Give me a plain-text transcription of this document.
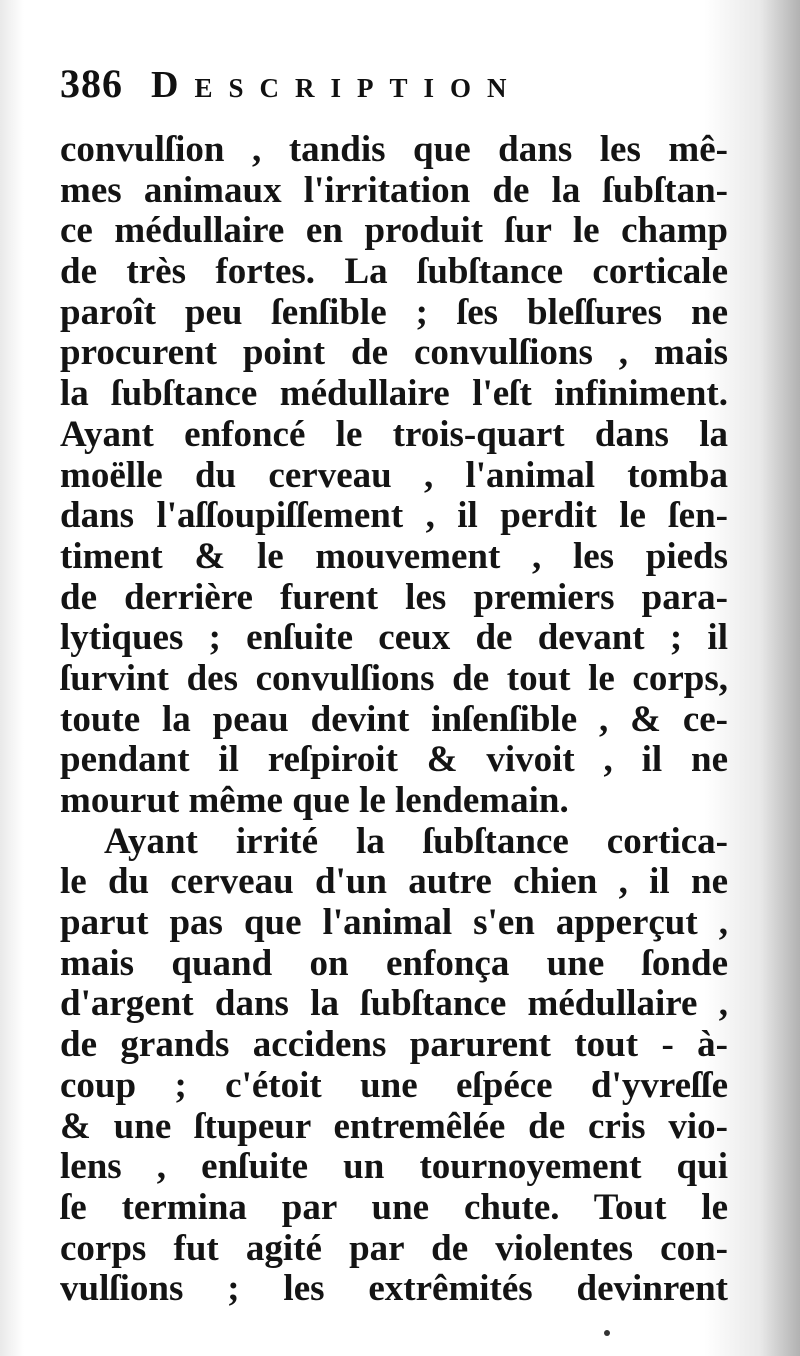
386 Description
convulſion , tandis que dans les mê-
mes animaux l'irritation de la ſubſtan-
ce médullaire en produit ſur le champ
de très fortes. La ſubſtance corticale
paroît peu ſenſible ; ſes bleſſures ne
procurent point de convulſions , mais
la ſubſtance médullaire l'eſt infiniment.
Ayant enfoncé le trois-quart dans la
moëlle du cerveau , l'animal tomba
dans l'aſſoupiſſement , il perdit le ſen-
timent & le mouvement , les pieds
de derrière furent les premiers para-
lytiques ; enſuite ceux de devant ; il
ſurvint des convulſions de tout le corps,
toute la peau devint inſenſible , & ce-
pendant il reſpiroit & vivoit , il ne
mourut même que le lendemain.
Ayant irrité la ſubſtance cortica-
le du cerveau d'un autre chien , il ne
parut pas que l'animal s'en apperçut ,
mais quand on enfonça une ſonde
d'argent dans la ſubſtance médullaire ,
de grands accidens parurent tout - à-
coup ; c'étoit une eſpéce d'yvreſſe
& une ſtupeur entremêlée de cris vio-
lens , enſuite un tournoyement qui
ſe termina par une chute. Tout le
corps fut agité par de violentes con-
vulſions ; les extrêmités devinrent
